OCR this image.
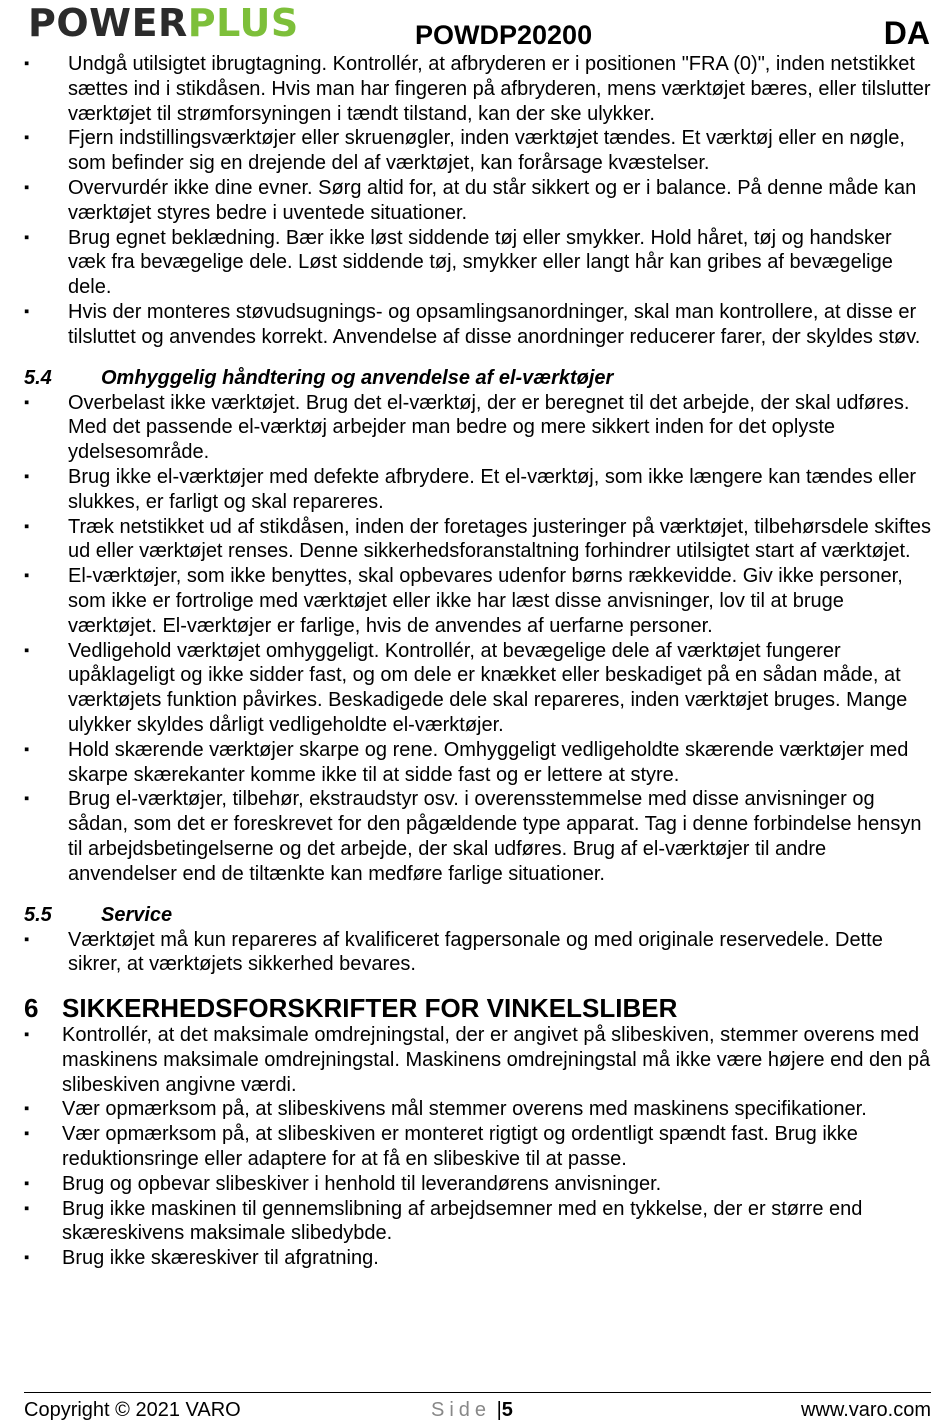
POWERPLUS	POWDP20200	DA
▪ Undgå utilsigtet ibrugtagning. Kontrollér, at afbryderen er i positionen "FRA (0)", inden netstikket sættes ind i stikdåsen. Hvis man har fingeren på afbryderen, mens værktøjet bæres, eller tilslutter værktøjet til strømforsyningen i tændt tilstand, kan der ske ulykker.
▪ Fjern indstillingsværktøjer eller skruenøgler, inden værktøjet tændes. Et værktøj eller en nøgle, som befinder sig en drejende del af værktøjet, kan forårsage kvæstelser.
▪ Overvurdér ikke dine evner. Sørg altid for, at du står sikkert og er i balance. På denne måde kan værktøjet styres bedre i uventede situationer.
▪ Brug egnet beklædning. Bær ikke løst siddende tøj eller smykker. Hold håret, tøj og handsker væk fra bevægelige dele. Løst siddende tøj, smykker eller langt hår kan gribes af bevægelige dele.
▪ Hvis der monteres støvudsugnings- og opsamlingsanordninger, skal man kontrollere, at disse er tilsluttet og anvendes korrekt. Anvendelse af disse anordninger reducerer farer, der skyldes støv.
5.4	Omhyggelig håndtering og anvendelse af el-værktøjer
▪ Overbelast ikke værktøjet. Brug det el-værktøj, der er beregnet til det arbejde, der skal udføres. Med det passende el-værktøj arbejder man bedre og mere sikkert inden for det oplyste ydelsesområde.
▪ Brug ikke el-værktøjer med defekte afbrydere. Et el-værktøj, som ikke længere kan tændes eller slukkes, er farligt og skal repareres.
▪ Træk netstikket ud af stikdåsen, inden der foretages justeringer på værktøjet, tilbehørsdele skiftes ud eller værktøjet renses. Denne sikkerhedsforanstaltning forhindrer utilsigtet start af værktøjet.
▪ El-værktøjer, som ikke benyttes, skal opbevares udenfor børns rækkevidde. Giv ikke personer, som ikke er fortrolige med værktøjet eller ikke har læst disse anvisninger, lov til at bruge værktøjet. El-værktøjer er farlige, hvis de anvendes af uerfarne personer.
▪ Vedligehold værktøjet omhyggeligt. Kontrollér, at bevægelige dele af værktøjet fungerer upåklageligt og ikke sidder fast, og om dele er knækket eller beskadiget på en sådan måde, at værktøjets funktion påvirkes. Beskadigede dele skal repareres, inden værktøjet bruges. Mange ulykker skyldes dårligt vedligeholdte el-værktøjer.
▪ Hold skærende værktøjer skarpe og rene. Omhyggeligt vedligeholdte skærende værktøjer med skarpe skærekanter komme ikke til at sidde fast og er lettere at styre.
▪ Brug el-værktøjer, tilbehør, ekstraudstyr osv. i overensstemmelse med disse anvisninger og sådan, som det er foreskrevet for den pågældende type apparat. Tag i denne forbindelse hensyn til arbejdsbetingelserne og det arbejde, der skal udføres. Brug af el-værktøjer til andre anvendelser end de tiltænkte kan medføre farlige situationer.
5.5	Service
▪ Værktøjet må kun repareres af kvalificeret fagpersonale og med originale reservedele. Dette sikrer, at værktøjets sikkerhed bevares.
6 SIKKERHEDSFORSKRIFTER FOR VINKELSLIBER
▪ Kontrollér, at det maksimale omdrejningstal, der er angivet på slibeskiven, stemmer overens med maskinens maksimale omdrejningstal. Maskinens omdrejningstal må ikke være højere end den på slibeskiven angivne værdi.
▪ Vær opmærksom på, at slibeskivens mål stemmer overens med maskinens specifikationer.
▪ Vær opmærksom på, at slibeskiven er monteret rigtigt og ordentligt spændt fast. Brug ikke reduktionsringe eller adaptere for at få en slibeskive til at passe.
▪ Brug og opbevar slibeskiver i henhold til leverandørens anvisninger.
▪ Brug ikke maskinen til gennemslibning af arbejdsemner med en tykkelse, der er større end skæreskivens maksimale slibedybde.
▪ Brug ikke skæreskiver til afgratning.
Copyright © 2021 VARO	Side |5	www.varo.com
